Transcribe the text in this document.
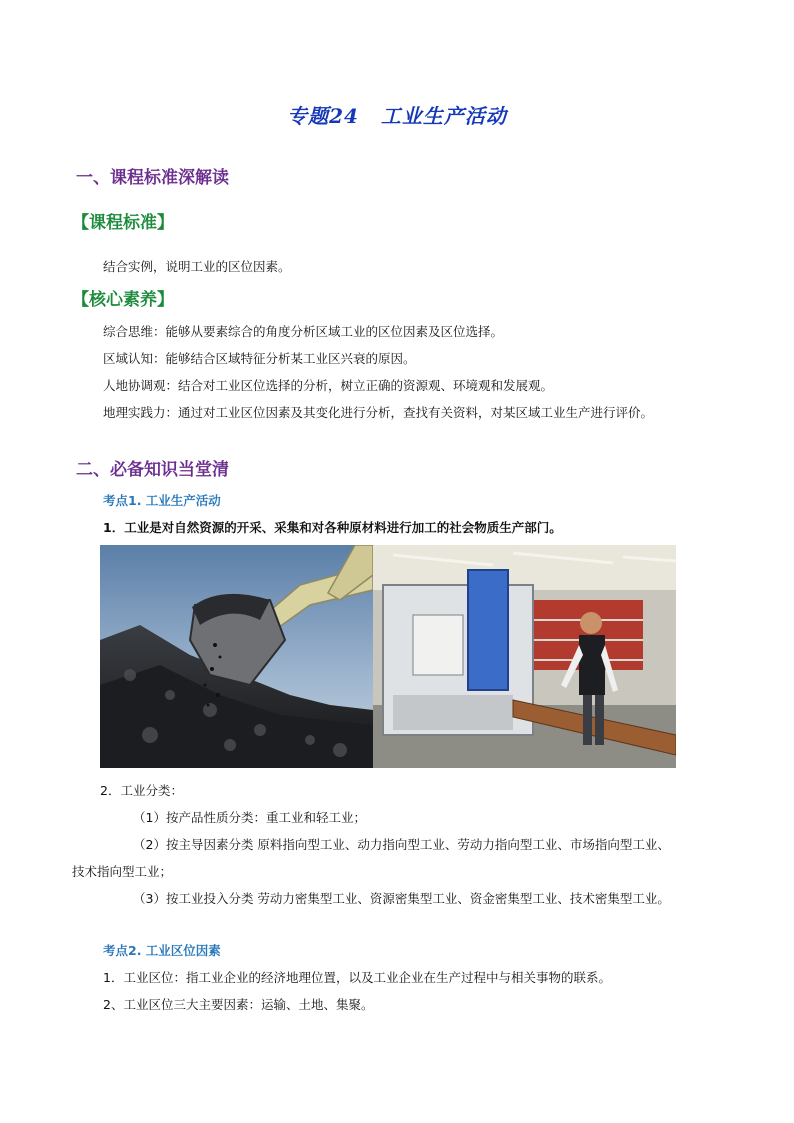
专题24 工业生产活动
一、课程标准深解读
【课程标准】
结合实例，说明工业的区位因素。
【核心素养】
综合思维：能够从要素综合的角度分析区域工业的区位因素及区位选择。
区域认知：能够结合区域特征分析某工业区兴衰的原因。
人地协调观：结合对工业区位选择的分析，树立正确的资源观、环境观和发展观。
地理实践力：通过对工业区位因素及其变化进行分析，查找有关资料，对某区域工业生产进行评价。
二、必备知识当堂清
考点1. 工业生产活动
1．工业是对自然资源的开采、采集和对各种原材料进行加工的社会物质生产部门。
2．工业分类：
（1）按产品性质分类：重工业和轻工业；
（2）按主导因素分类 原料指向型工业、动力指向型工业、劳动力指向型工业、市场指向型工业、
技术指向型工业；
（3）按工业投入分类 劳动力密集型工业、资源密集型工业、资金密集型工业、技术密集型工业。
考点2. 工业区位因素
1．工业区位：指工业企业的经济地理位置，以及工业企业在生产过程中与相关事物的联系。
2、工业区位三大主要因素：运输、土地、集聚。
